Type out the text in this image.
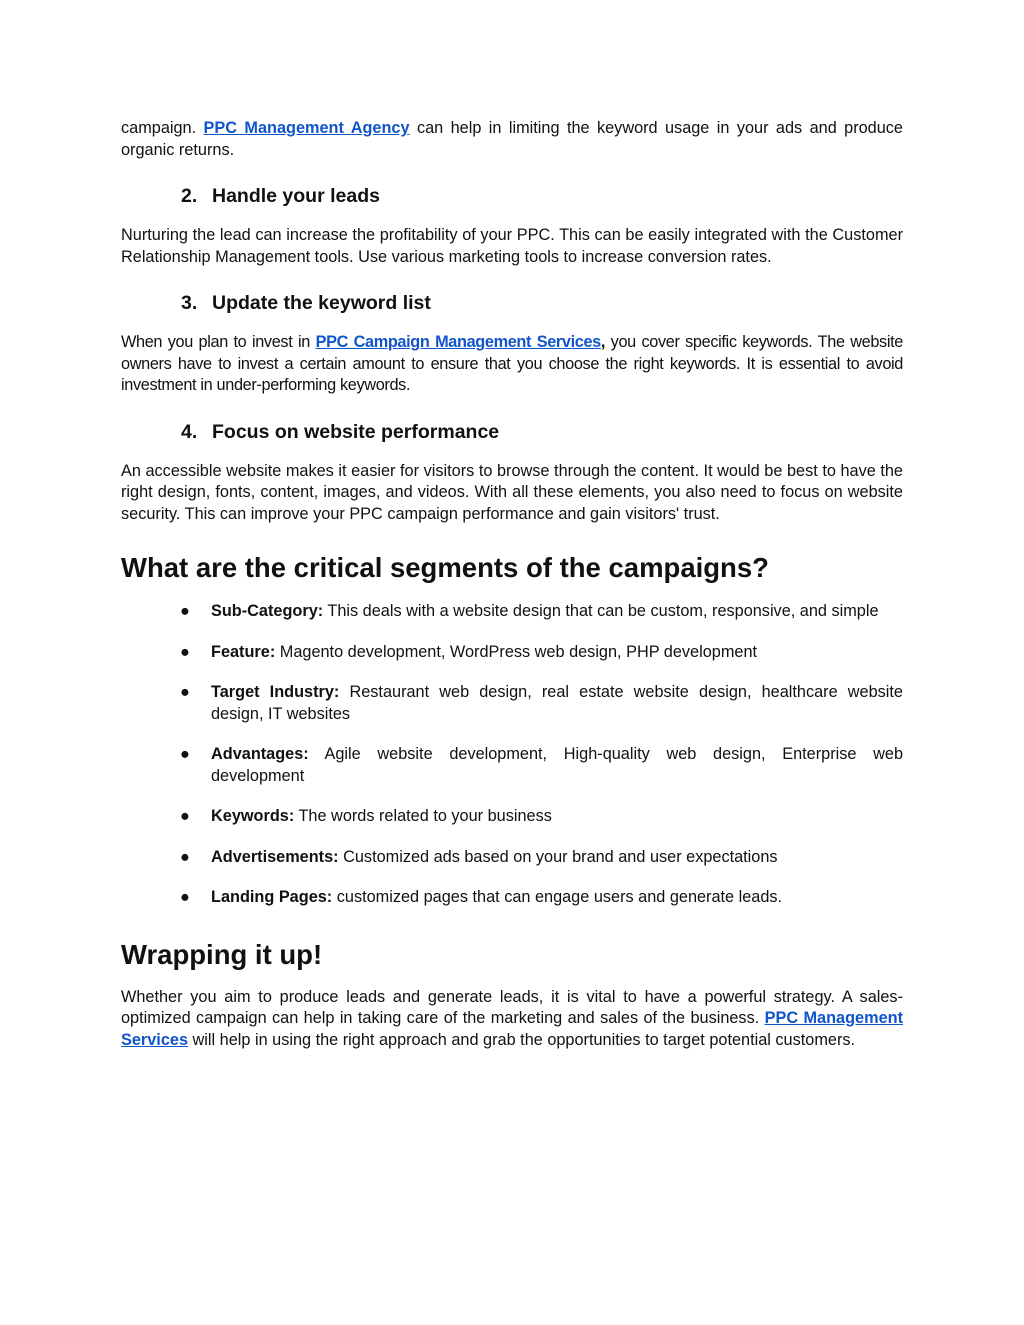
campaign. PPC Management Agency can help in limiting the keyword usage in your ads and produce organic returns.

2. Handle your leads

Nurturing the lead can increase the profitability of your PPC. This can be easily integrated with the Customer Relationship Management tools. Use various marketing tools to increase conversion rates.

3. Update the keyword list

When you plan to invest in PPC Campaign Management Services, you cover specific keywords. The website owners have to invest a certain amount to ensure that you choose the right keywords. It is essential to avoid investment in under-performing keywords.

4. Focus on website performance

An accessible website makes it easier for visitors to browse through the content. It would be best to have the right design, fonts, content, images, and videos. With all these elements, you also need to focus on website security. This can improve your PPC campaign performance and gain visitors' trust.

What are the critical segments of the campaigns?
● Sub-Category: This deals with a website design that can be custom, responsive, and simple
● Feature: Magento development, WordPress web design, PHP development
● Target Industry: Restaurant web design, real estate website design, healthcare website design, IT websites
● Advantages: Agile website development, High-quality web design, Enterprise web development
● Keywords: The words related to your business
● Advertisements: Customized ads based on your brand and user expectations
● Landing Pages: customized pages that can engage users and generate leads.
Wrapping it up!

Whether you aim to produce leads and generate leads, it is vital to have a powerful strategy. A sales-optimized campaign can help in taking care of the marketing and sales of the business. PPC Management Services will help in using the right approach and grab the opportunities to target potential customers.
